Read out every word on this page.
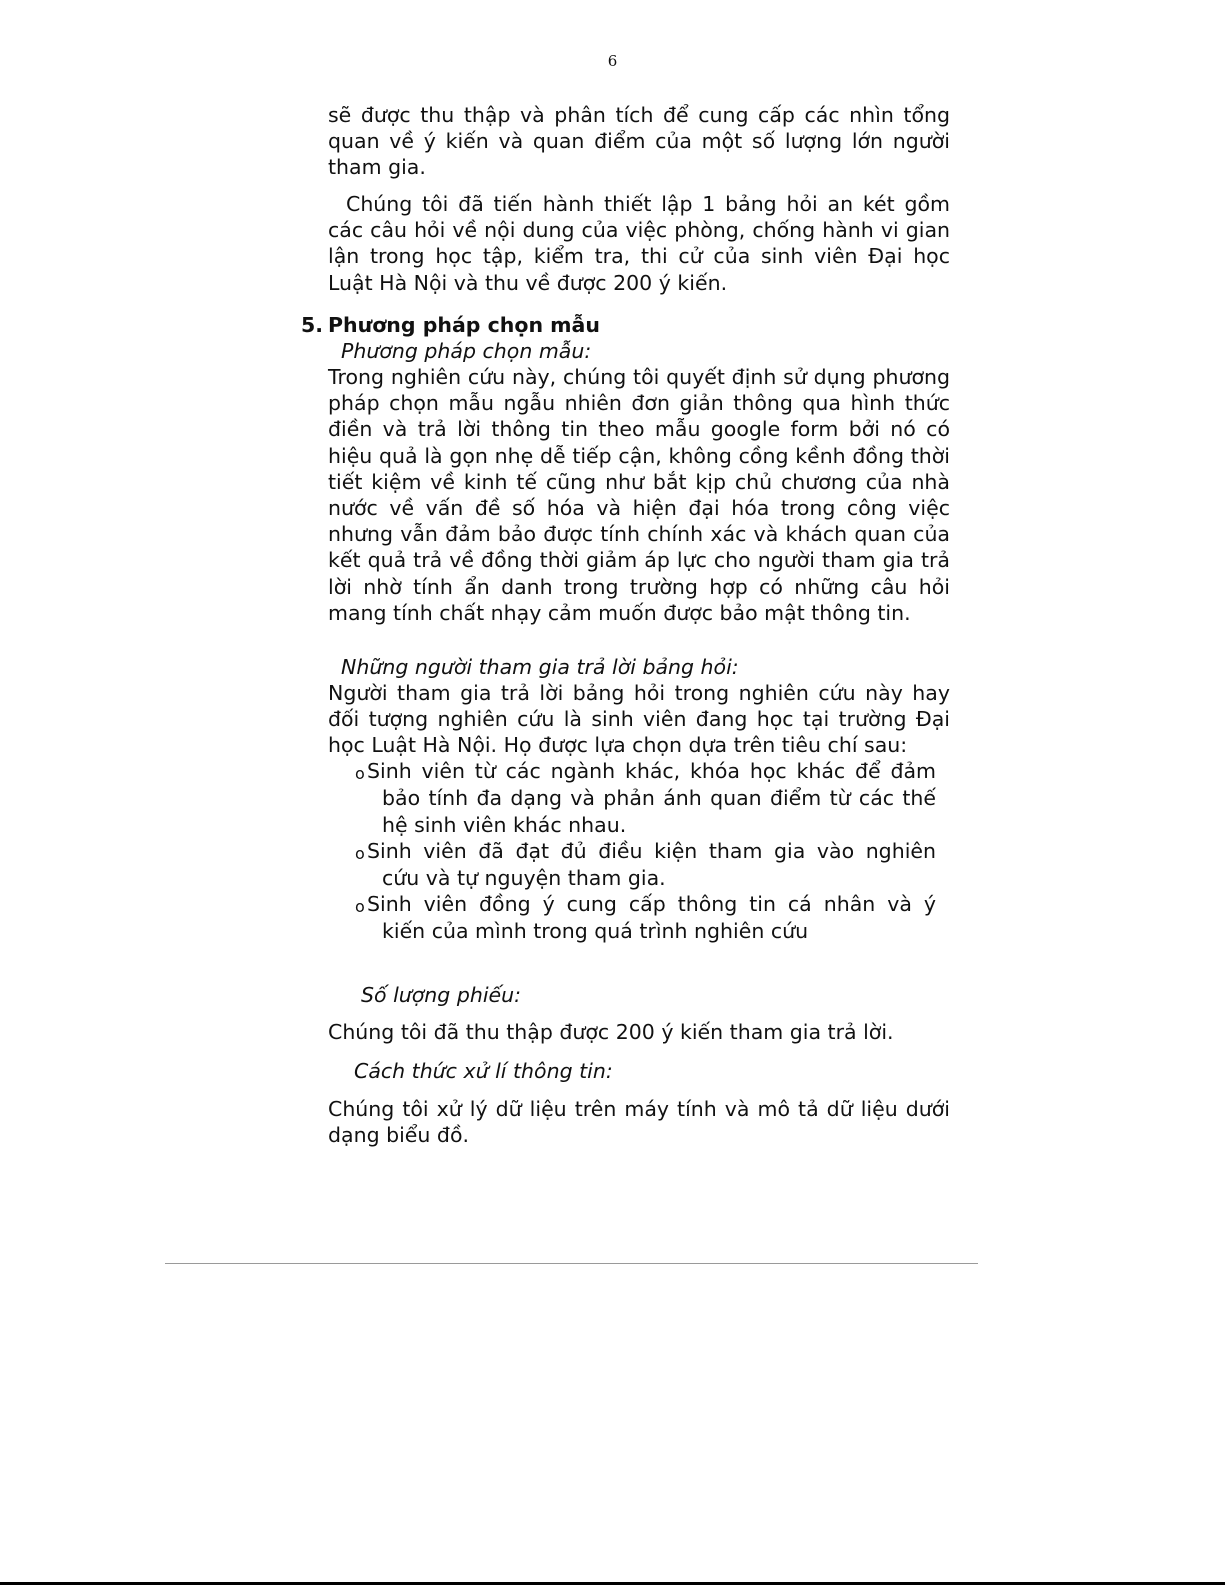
6

sẽ được thu thập và phân tích để cung cấp các nhìn tổng quan về ý kiến và quan điểm của một số lượng lớn người tham gia.

Chúng tôi đã tiến hành thiết lập 1 bảng hỏi an két gồm các câu hỏi về nội dung của việc phòng, chống hành vi gian lận trong học tập, kiểm tra, thi cử của sinh viên Đại học Luật Hà Nội và thu về được 200 ý kiến.

5. Phương pháp chọn mẫu
Phương pháp chọn mẫu:

Trong nghiên cứu này, chúng tôi quyết định sử dụng phương pháp chọn mẫu ngẫu nhiên đơn giản thông qua hình thức điền và trả lời thông tin theo mẫu google form bởi nó có hiệu quả là gọn nhẹ dễ tiếp cận, không cồng kềnh đồng thời tiết kiệm về kinh tế cũng như bắt kịp chủ chương của nhà nước về vấn đề số hóa và hiện đại hóa trong công việc nhưng vẫn đảm bảo được tính chính xác và khách quan của kết quả trả về đồng thời giảm áp lực cho người tham gia trả lời nhờ tính ẩn danh trong trường hợp có những câu hỏi mang tính chất nhạy cảm muốn được bảo mật thông tin.

Những người tham gia trả lời bảng hỏi:

Người tham gia trả lời bảng hỏi trong nghiên cứu này hay đối tượng nghiên cứu là sinh viên đang học tại trường Đại học Luật Hà Nội. Họ được lựa chọn dựa trên tiêu chí sau:

o Sinh viên từ các ngành khác, khóa học khác để đảm
bảo tính đa dạng và phản ánh quan điểm từ các thế hệ sinh viên khác nhau.
o Sinh viên đã đạt đủ điều kiện tham gia vào nghiên
cứu và tự nguyện tham gia.
o Sinh viên đồng ý cung cấp thông tin cá nhân và ý
kiến của mình trong quá trình nghiên cứu
Số lượng phiếu:

Chúng tôi đã thu thập được 200 ý kiến tham gia trả lời.

Cách thức xử lí thông tin:

Chúng tôi xử lý dữ liệu trên máy tính và mô tả dữ liệu dưới dạng biểu đồ.
